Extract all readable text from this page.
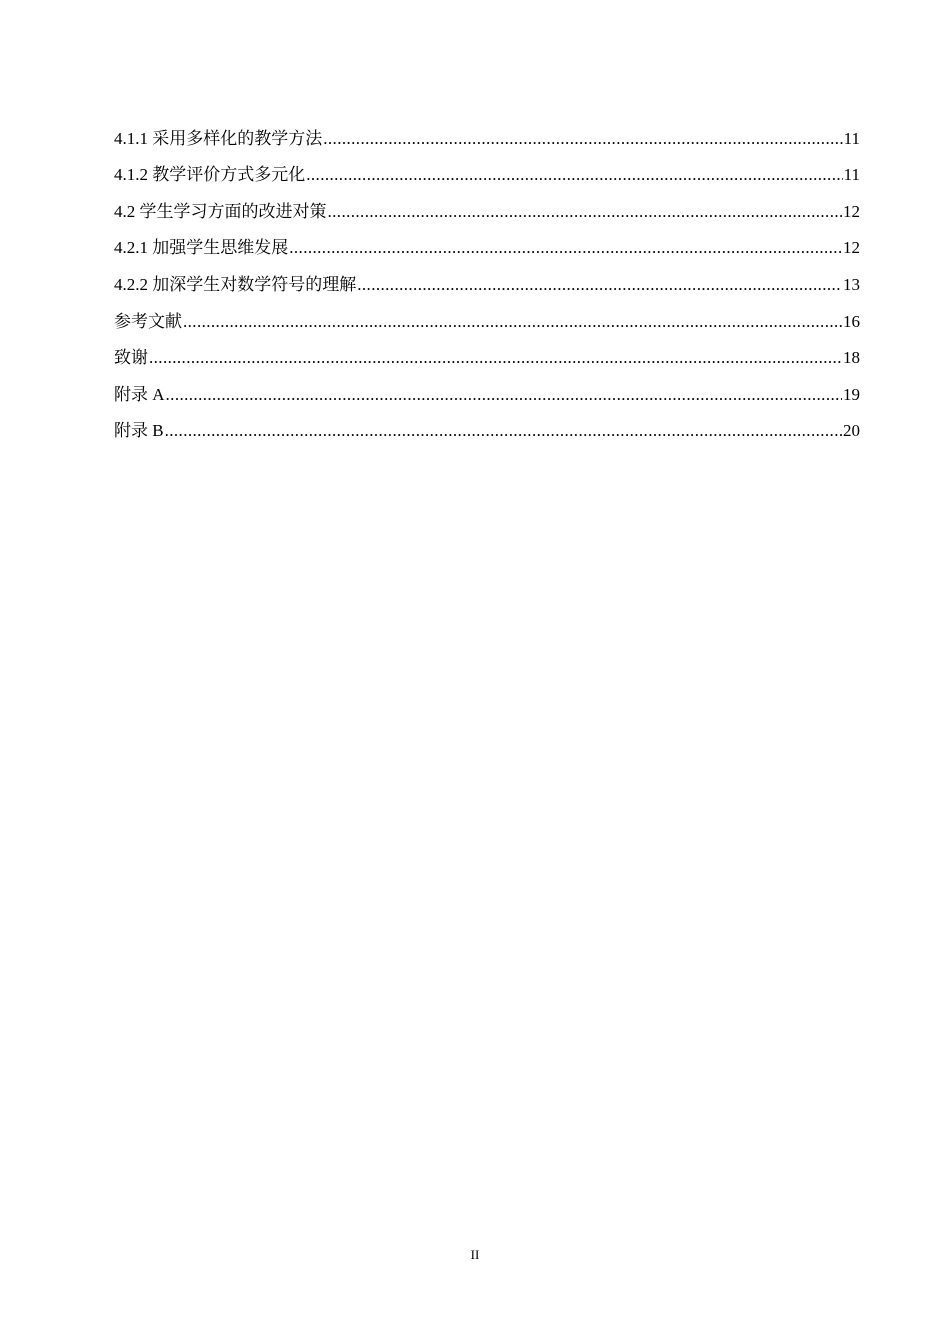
4.1.1 采用多样化的教学方法 .....	11
4.1.2 教学评价方式多元化 .....	11
4.2 学生学习方面的改进对策 .....	12
4.2.1 加强学生思维发展 .....	12
4.2.2 加深学生对数学符号的理解 .....	13
参考文献 .....	16
致谢 .....	18
附录 A .....	19
附录 B .....	20
II
